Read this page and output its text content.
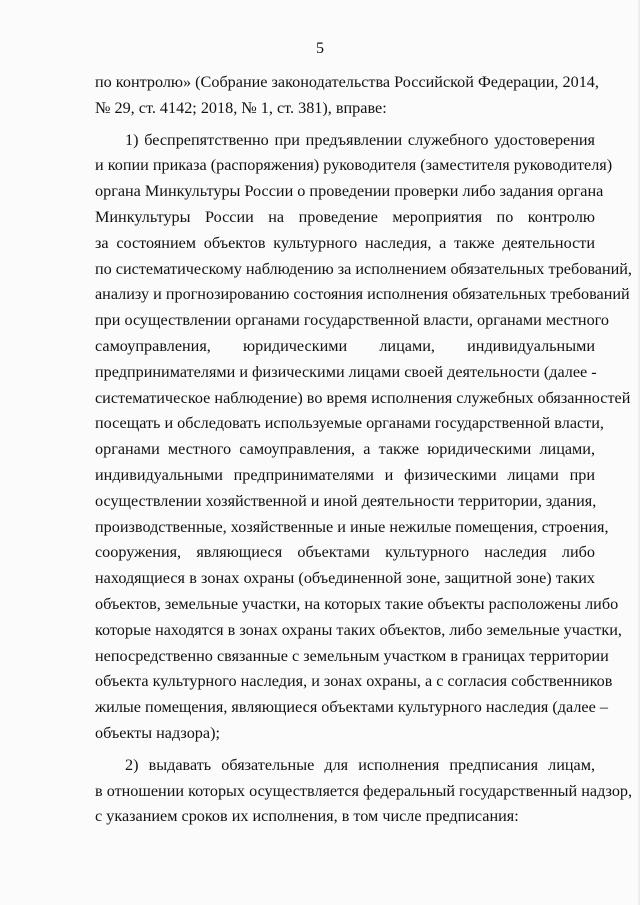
5
по контролю» (Собрание законодательства Российской Федерации, 2014,
№ 29, ст. 4142; 2018, № 1, ст. 381), вправе:
1) беспрепятственно при предъявлении служебного удостоверения
и копии приказа (распоряжения) руководителя (заместителя руководителя)
органа Минкультуры России о проведении проверки либо задания органа
Минкультуры России на проведение мероприятия по контролю
за состоянием объектов культурного наследия, а также деятельности
по систематическому наблюдению за исполнением обязательных требований,
анализу и прогнозированию состояния исполнения обязательных требований
при осуществлении органами государственной власти, органами местного
самоуправления, юридическими лицами, индивидуальными
предпринимателями и физическими лицами своей деятельности (далее -
систематическое наблюдение) во время исполнения служебных обязанностей
посещать и обследовать используемые органами государственной власти,
органами местного самоуправления, а также юридическими лицами,
индивидуальными предпринимателями и физическими лицами при
осуществлении хозяйственной и иной деятельности территории, здания,
производственные, хозяйственные и иные нежилые помещения, строения,
сооружения, являющиеся объектами культурного наследия либо
находящиеся в зонах охраны (объединенной зоне, защитной зоне) таких
объектов, земельные участки, на которых такие объекты расположены либо
которые находятся в зонах охраны таких объектов, либо земельные участки,
непосредственно связанные с земельным участком в границах территории
объекта культурного наследия, и зонах охраны, а с согласия собственников
жилые помещения, являющиеся объектами культурного наследия (далее –
объекты надзора);
2) выдавать обязательные для исполнения предписания лицам,
в отношении которых осуществляется федеральный государственный надзор,
с указанием сроков их исполнения, в том числе предписания:
